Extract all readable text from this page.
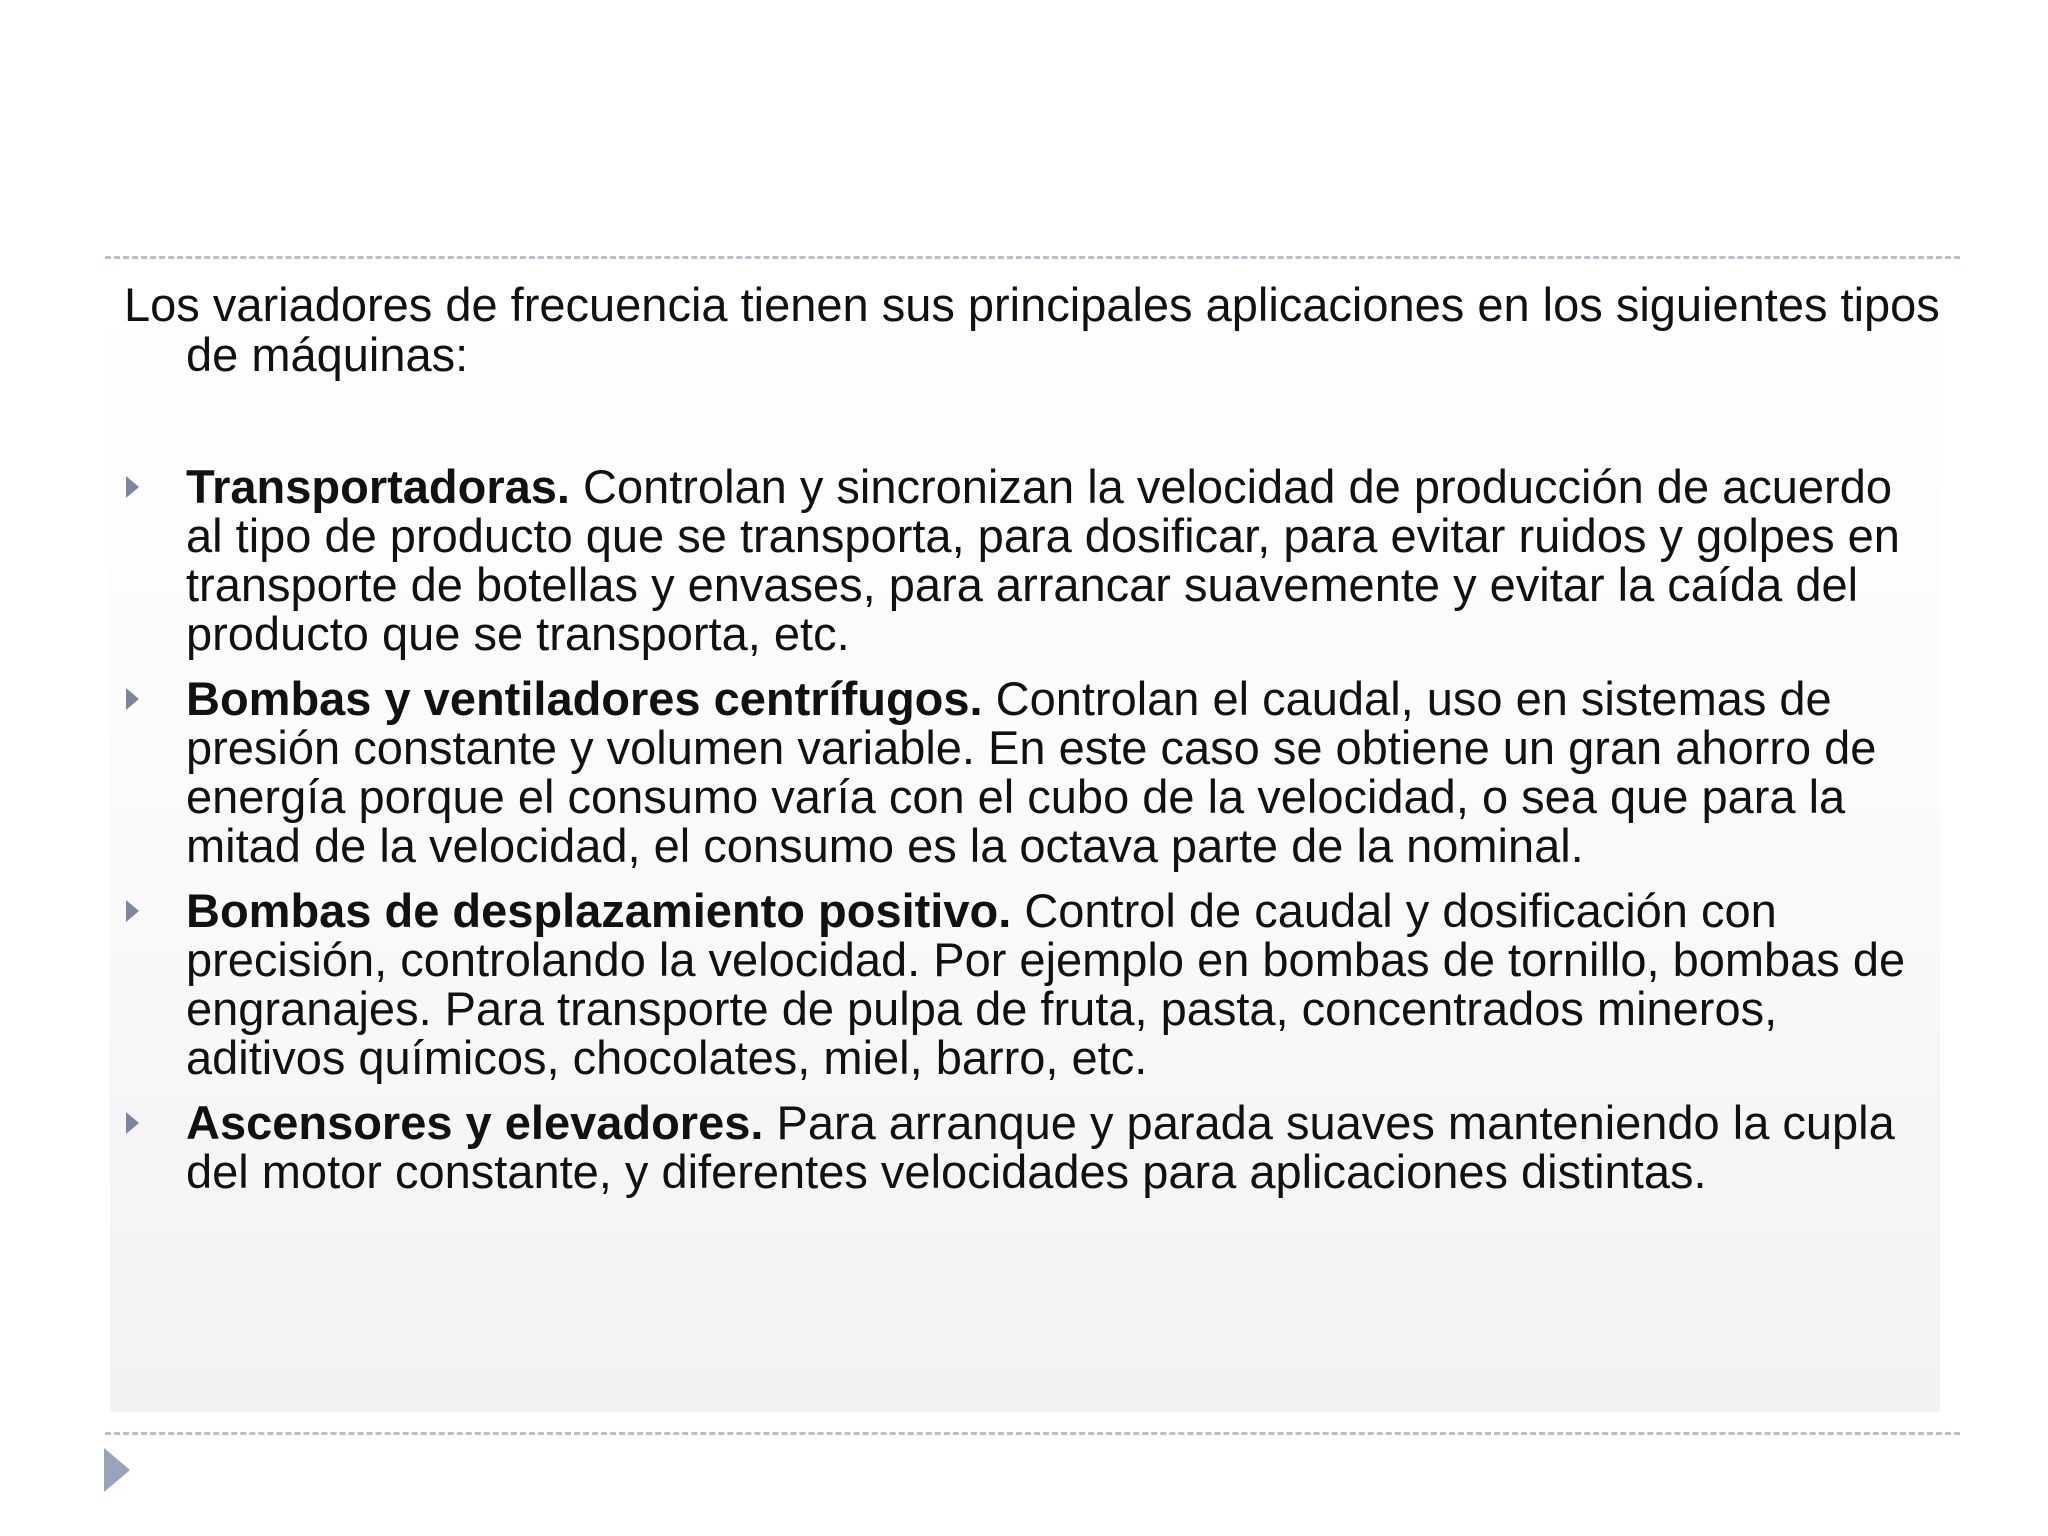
Los variadores de frecuencia tienen sus principales aplicaciones en los siguientes tipos de máquinas:
Transportadoras. Controlan y sincronizan la velocidad de producción de acuerdo al tipo de producto que se transporta, para dosificar, para evitar ruidos y golpes en transporte de botellas y envases, para arrancar suavemente y evitar la caída del producto que se transporta, etc.
Bombas y ventiladores centrífugos. Controlan el caudal, uso en sistemas de presión constante y volumen variable. En este caso se obtiene un gran ahorro de energía porque el consumo varía con el cubo de la velocidad, o sea que para la mitad de la velocidad, el consumo es la octava parte de la nominal.
Bombas de desplazamiento positivo. Control de caudal y dosificación con precisión, controlando la velocidad. Por ejemplo en bombas de tornillo, bombas de engranajes. Para transporte de pulpa de fruta, pasta, concentrados mineros, aditivos químicos, chocolates, miel, barro, etc.
Ascensores y elevadores. Para arranque y parada suaves manteniendo la cupla del motor constante, y diferentes velocidades para aplicaciones distintas.
